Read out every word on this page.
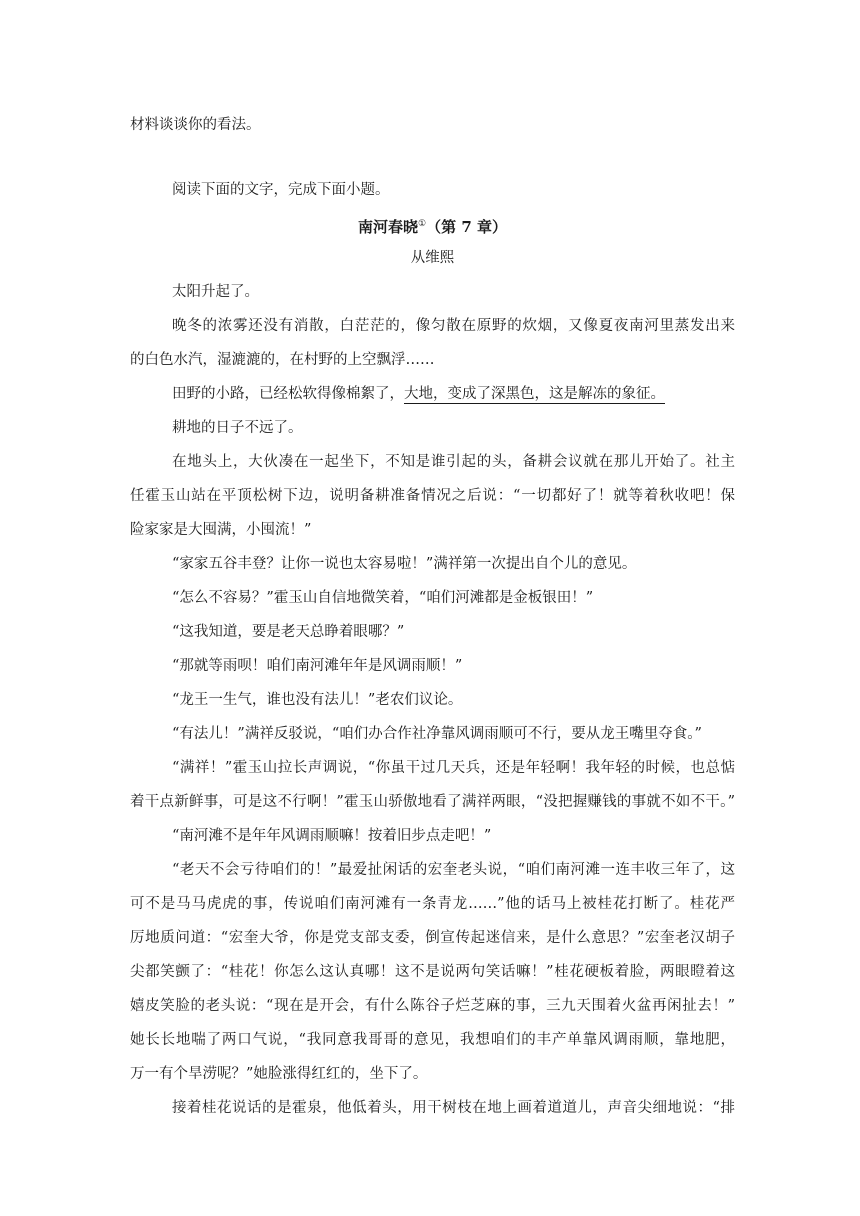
材料谈谈你的看法。
阅读下面的文字，完成下面小题。
南河春晓①（第 7 章）
从维熙
太阳升起了。
晚冬的浓雾还没有消散，白茫茫的，像匀散在原野的炊烟，又像夏夜南河里蒸发出来
的白色水汽，湿漉漉的，在村野的上空飘浮……
田野的小路，已经松软得像棉絮了，大地，变成了深黑色，这是解冻的象征。
耕地的日子不远了。
在地头上，大伙凑在一起坐下，不知是谁引起的头，备耕会议就在那儿开始了。社主
任霍玉山站在平顶松树下边，说明备耕准备情况之后说：“一切都好了！就等着秋收吧！保
险家家是大囤满，小囤流！”
“家家五谷丰登？让你一说也太容易啦！”满祥第一次提出自个儿的意见。
“怎么不容易？”霍玉山自信地微笑着，“咱们河滩都是金板银田！”
“这我知道，要是老天总睁着眼哪？”
“那就等雨呗！咱们南河滩年年是风调雨顺！”
“龙王一生气，谁也没有法儿！”老农们议论。
“有法儿！”满祥反驳说，“咱们办合作社净靠风调雨顺可不行，要从龙王嘴里夺食。”
“满祥！”霍玉山拉长声调说，“你虽干过几天兵，还是年轻啊！我年轻的时候，也总惦
着干点新鲜事，可是这不行啊！”霍玉山骄傲地看了满祥两眼，“没把握赚钱的事就不如不干。”
“南河滩不是年年风调雨顺嘛！按着旧步点走吧！”
“老天不会亏待咱们的！”最爱扯闲话的宏奎老头说，“咱们南河滩一连丰收三年了，这
可不是马马虎虎的事，传说咱们南河滩有一条青龙……”他的话马上被桂花打断了。桂花严
厉地质问道：“宏奎大爷，你是党支部支委，倒宣传起迷信来，是什么意思？”宏奎老汉胡子
尖都笑颤了：“桂花！你怎么这认真哪！这不是说两句笑话嘛！”桂花硬板着脸，两眼瞪着这
嬉皮笑脸的老头说：“现在是开会，有什么陈谷子烂芝麻的事，三九天围着火盆再闲扯去！”
她长长地喘了两口气说，“我同意我哥哥的意见，我想咱们的丰产单靠风调雨顺，靠地肥，
万一有个旱涝呢？”她脸涨得红红的，坐下了。
接着桂花说话的是霍泉，他低着头，用干树枝在地上画着道道儿，声音尖细地说：“排
